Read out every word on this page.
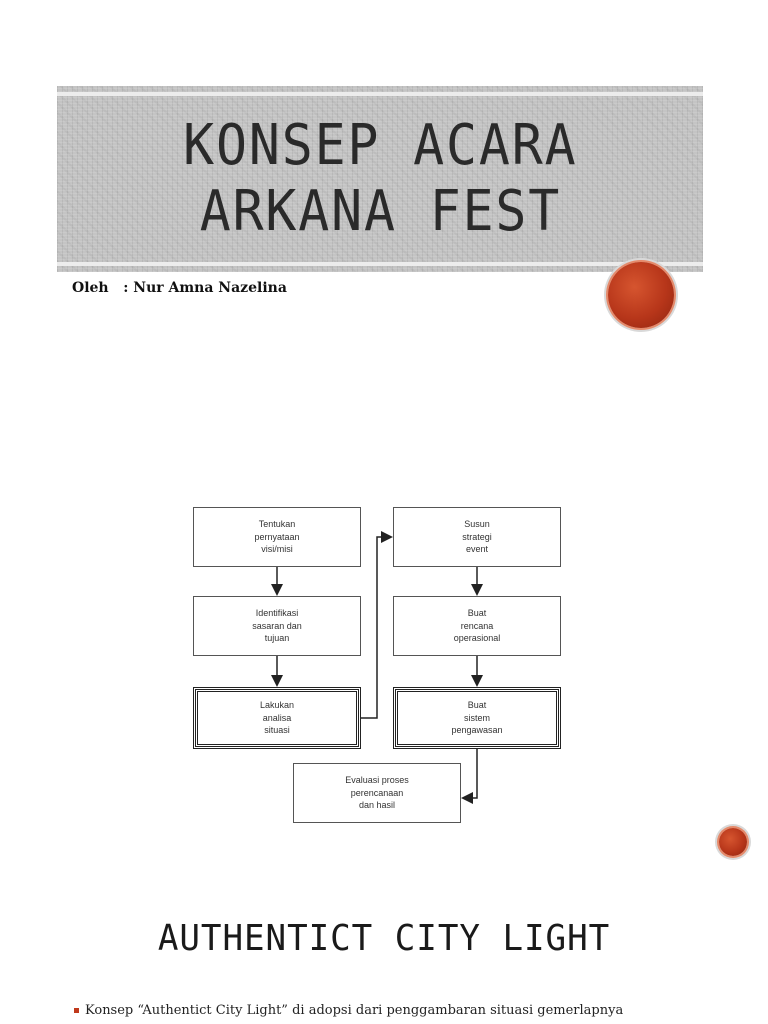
KONSEP ACARA
ARKANA FEST
Oleh   : Nur Amna Nazelina
Tentukan
pernyataan
visi/misi
Identifikasi
sasaran dan
tujuan
Lakukan
analisa
situasi
Susun
strategi
event
Buat
rencana
operasional
Buat
sistem
pengawasan
Evaluasi proses
perencanaan
dan hasil
AUTHENTICT CITY LIGHT
Konsep “Authentict City Light” di adopsi dari penggambaran situasi gemerlapnya
